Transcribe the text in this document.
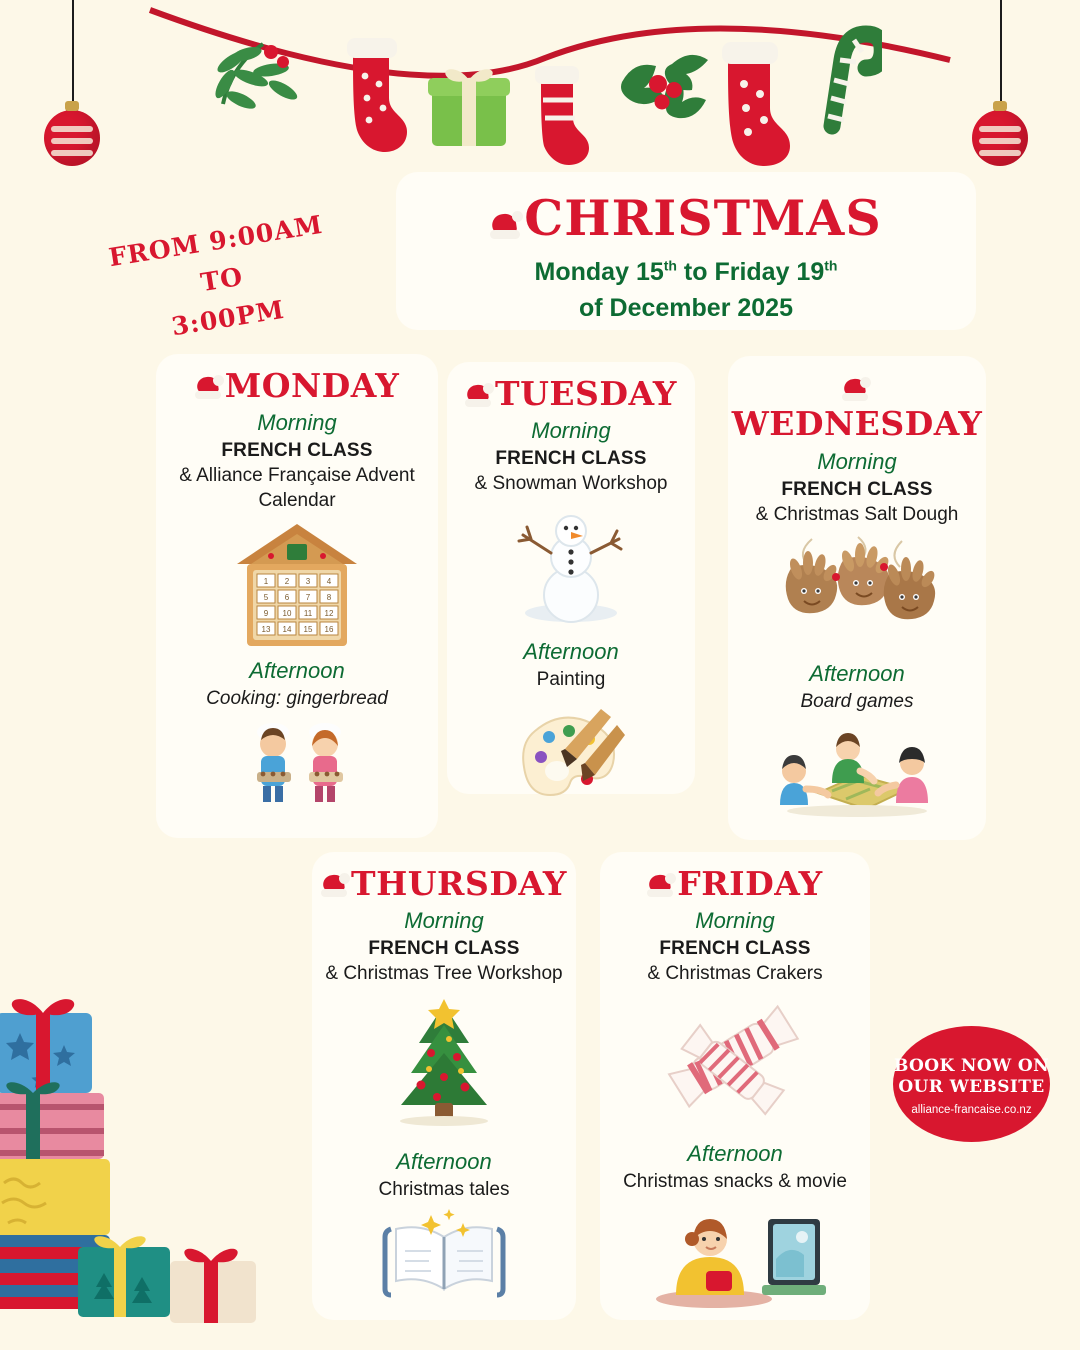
FROM 9:00AM TO
3:00PM
CHRISTMAS
Monday 15th to Friday 19th
of December 2025
MONDAY
Morning
FRENCH CLASS
& Alliance Française Advent Calendar
1 2 3 4
5 6 7 8
9 10 11 12
13 14 15 16
Afternoon
Cooking: gingerbread
TUESDAY
Morning
FRENCH CLASS
& Snowman Workshop
Afternoon
Painting
WEDNESDAY
Morning
FRENCH CLASS
& Christmas Salt Dough
Afternoon
Board games
THURSDAY
Morning
FRENCH CLASS
& Christmas Tree Workshop
Afternoon
Christmas tales
FRIDAY
Morning
FRENCH CLASS
& Christmas Crakers
Afternoon
Christmas snacks & movie
BOOK NOW ON
OUR WEBSITE
alliance-francaise.co.nz
